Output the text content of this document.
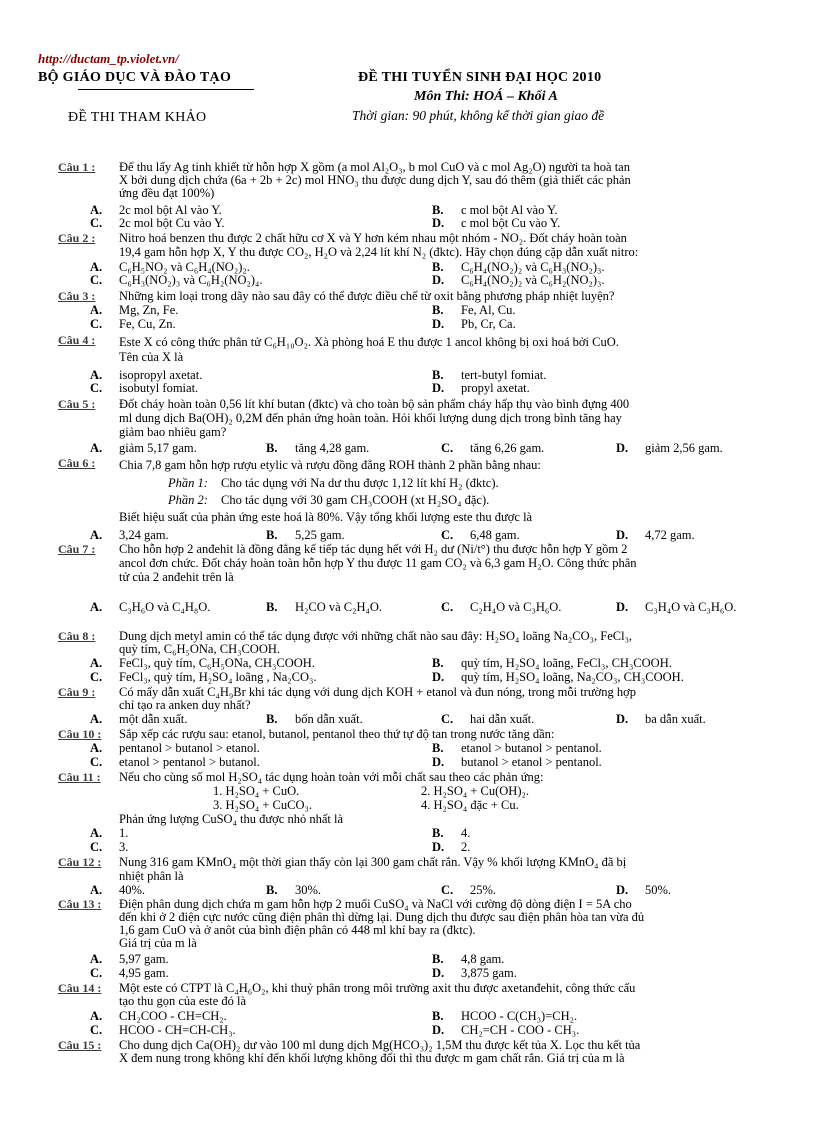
http://ductam_tp.violet.vn/
BỘ GIÁO DỤC VÀ ĐÀO TẠO
ĐỀ THI THAM KHẢO
ĐỀ THI TUYỂN SINH ĐẠI HỌC 2010
Môn Thi: HOÁ – Khối A
Thời gian: 90 phút, không kể thời gian giao đề
Câu 1 : Để thu lấy Ag tinh khiết từ hỗn hợp X gồm (a mol Al₂O₃, b mol CuO và c mol Ag₂O) người ta hoà tan
X bởi dung dịch chứa (6a + 2b + 2c) mol HNO₃ thu được dung dịch Y, sau đó thêm (giả thiết các phản
ứng đều đạt 100%)
A. 2c mol bột Al vào Y.	B. c mol bột Al vào Y.
C. 2c mol bột Cu vào Y.	D. c mol bột Cu vào Y.
Câu 2 : Nitro hoá benzen thu được 2 chất hữu cơ X và Y hơn kém nhau một nhóm - NO₂. Đốt cháy hoàn toàn
19,4 gam hỗn hợp X, Y thu được CO₂, H₂O và 2,24 lít khí N₂ (đktc). Hãy chọn đúng cặp dẫn xuất nitro:
A. C₆H₅NO₂ và C₆H₄(NO₂)₂.	B. C₆H₄(NO₂)₂ và C₆H₃(NO₂)₃.
C. C₆H₃(NO₂)₃ và C₆H₂(NO₂)₄.	D. C₆H₄(NO₂)₂ và C₆H₂(NO₂)₃.
Câu 3 : Những kim loại trong dãy nào sau đây có thể được điều chế từ oxit bằng phương pháp nhiệt luyện?
A. Mg, Zn, Fe.	B. Fe, Al, Cu.
C. Fe, Cu, Zn.	D. Pb, Cr, Ca.
Câu 4 : Este X có công thức phân tử C₆H₁₀O₂. Xà phòng hoá E thu được 1 ancol không bị oxi hoá bởi CuO.
Tên của X là
A. isopropyl axetat.	B. tert-butyl fomiat.
C. isobutyl fomiat.	D. propyl axetat.
Câu 5 : Đốt cháy hoàn toàn 0,56 lít khí butan (đktc) và cho toàn bộ sản phẩm cháy hấp thụ vào bình đựng 400
ml dung dịch Ba(OH)₂ 0,2M đến phản ứng hoàn toàn. Hỏi khối lượng dung dịch trong bình tăng hay
giảm bao nhiêu gam?
A. giảm 5,17 gam.	B. tăng 4,28 gam.	C. tăng 6,26 gam.	D. giảm 2,56 gam.
Câu 6 : Chia 7,8 gam hỗn hợp rượu etylic và rượu đồng đẳng ROH thành 2 phần bằng nhau:
Phần 1: Cho tác dụng với Na dư thu được 1,12 lít khí H₂ (đktc).
Phần 2: Cho tác dụng với 30 gam CH₃COOH (xt H₂SO₄ đặc).
Biết hiệu suất của phản ứng este hoá là 80%. Vậy tổng khối lượng este thu được là
A. 3,24 gam.	B. 5,25 gam.	C. 6,48 gam.	D. 4,72 gam.
Câu 7 : Cho hỗn hợp 2 anđehit là đồng đẳng kế tiếp tác dụng hết với H₂ dư (Ni/t°) thu được hỗn hợp Y gồm 2
ancol đơn chức. Đốt cháy hoàn toàn hỗn hợp Y thu được 11 gam CO₂ và 6,3 gam H₂O. Công thức phân
tử của 2 anđehit trên là
A. C₃H₆O và C₄H₈O.	B. H₂CO và C₂H₄O.	C. C₂H₄O và C₃H₆O.	D. C₃H₄O và C₃H₆O.
Câu 8 : Dung dịch metyl amin có thể tác dụng được với những chất nào sau đây: H₂SO₄ loãng Na₂CO₃, FeCl₃,
quỳ tím, C₆H₅ONa, CH₃COOH.
A. FeCl₃, quỳ tím, C₆H₅ONa, CH₃COOH.	B. quỳ tím, H₂SO₄ loãng, FeCl₃, CH₃COOH.
C. FeCl₃, quỳ tím, H₂SO₄ loãng , Na₂CO₃.	D. quỳ tím, H₂SO₄ loãng, Na₂CO₃, CH₃COOH.
Câu 9 : Có mấy dẫn xuất C₄H₉Br khi tác dụng với dung dịch KOH + etanol và đun nóng, trong mỗi trường hợp
chỉ tạo ra anken duy nhất?
A. một dẫn xuất.	B. bốn dẫn xuất.	C. hai dẫn xuất.	D. ba dẫn xuất.
Câu 10 : Sắp xếp các rượu sau: etanol, butanol, pentanol theo thứ tự độ tan trong nước tăng dần:
A. pentanol > butanol > etanol.	B. etanol > butanol > pentanol.
C. etanol > pentanol > butanol.	D. butanol > etanol > pentanol.
Câu 11 : Nếu cho cùng số mol H₂SO₄ tác dụng hoàn toàn với mỗi chất sau theo các phản ứng:
1. H₂SO₄ + CuO.	2. H₂SO₄ + Cu(OH)₂.
3. H₂SO₄ + CuCO₃.	4. H₂SO₄ đặc + Cu.
Phản ứng lượng CuSO₄ thu được nhỏ nhất là
A. 1.	B. 4.
C. 3.	D. 2.
Câu 12 : Nung 316 gam KMnO₄ một thời gian thấy còn lại 300 gam chất rắn. Vậy % khối lượng KMnO₄ đã bị
nhiệt phân là
A. 40%.	B. 30%.	C. 25%.	D. 50%.
Câu 13 : Điện phân dung dịch chứa m gam hỗn hợp 2 muối CuSO₄ và NaCl với cường độ dòng điện I = 5A cho
đến khi ở 2 điện cực nước cũng điện phân thì dừng lại. Dung dịch thu được sau điện phân hòa tan vừa đủ
1,6 gam CuO và ở anôt của bình điện phân có 448 ml khí bay ra (đktc).
Giá trị của m là
A. 5,97 gam.	B. 4,8 gam.
C. 4,95 gam.	D. 3,875 gam.
Câu 14 : Một este có CTPT là C₄H₆O₂, khi thuỷ phân trong môi trường axit thu được axetanđehit, công thức cấu
tạo thu gọn của este đó là
A. CH₂COO - CH=CH₂.	B. HCOO - C(CH₃)=CH₂.
C. HCOO - CH=CH-CH₃.	D. CH₂=CH - COO - CH₃.
Câu 15 : Cho dung dịch Ca(OH)₂ dư vào 100 ml dung dịch Mg(HCO₃)₂ 1,5M thu được kết tủa X. Lọc thu kết tủa
X đem nung trong không khí đến khối lượng không đổi thì thu được m gam chất rắn. Giá trị của m là
